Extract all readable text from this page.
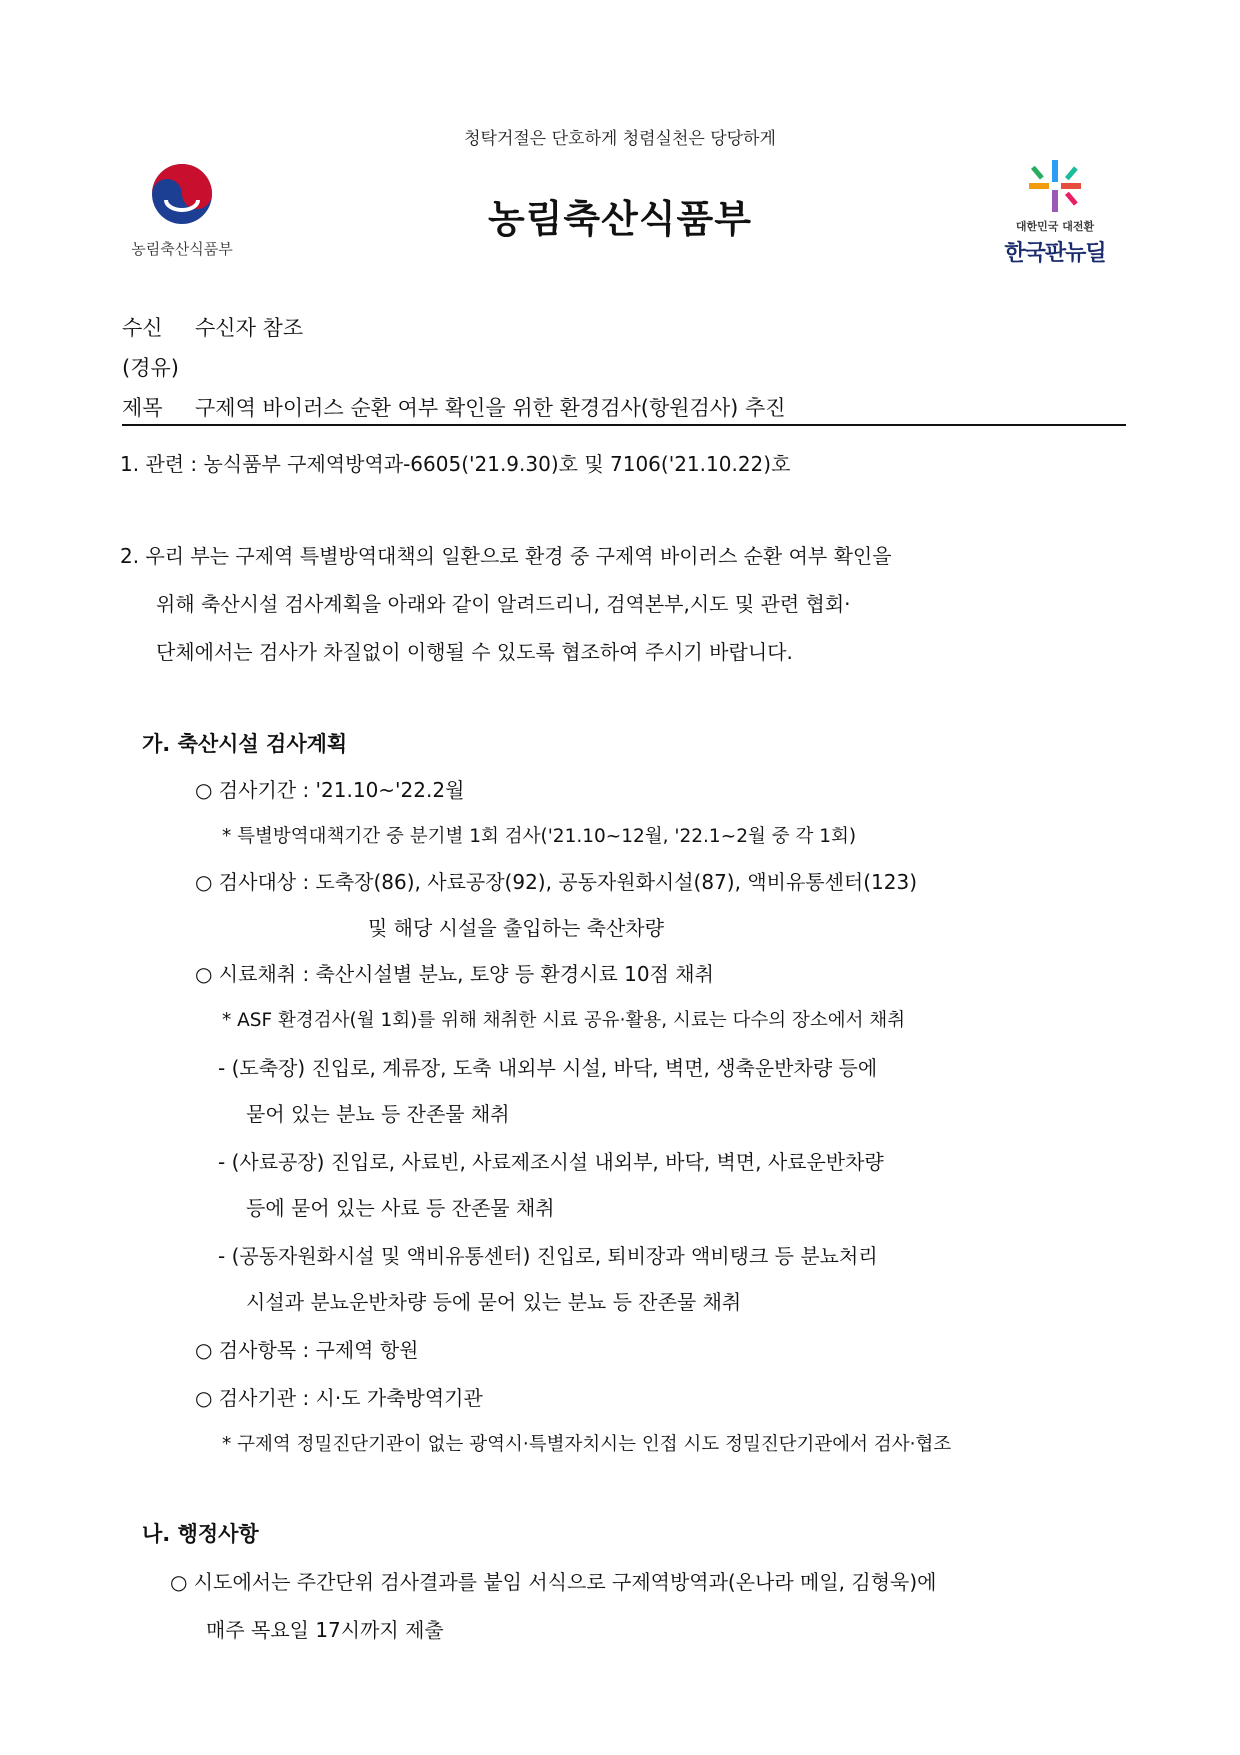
청탁거절은 단호하게 청렴실천은 당당하게
농림축산식품부
농림축산식품부
대한민국 대전환
한국판뉴딜
수신 수신자 참조
(경유)
제목 구제역 바이러스 순환 여부 확인을 위한 환경검사(항원검사) 추진
1. 관련 : 농식품부 구제역방역과-6605('21.9.30)호 및 7106('21.10.22)호
2. 우리 부는 구제역 특별방역대책의 일환으로 환경 중 구제역 바이러스 순환 여부 확인을
위해 축산시설 검사계획을 아래와 같이 알려드리니, 검역본부,시도 및 관련 협회·
단체에서는 검사가 차질없이 이행될 수 있도록 협조하여 주시기 바랍니다.
가. 축산시설 검사계획
○ 검사기간 : '21.10~'22.2월
* 특별방역대책기간 중 분기별 1회 검사('21.10~12월, '22.1~2월 중 각 1회)
○ 검사대상 : 도축장(86), 사료공장(92), 공동자원화시설(87), 액비유통센터(123)
및 해당 시설을 출입하는 축산차량
○ 시료채취 : 축산시설별 분뇨, 토양 등 환경시료 10점 채취
* ASF 환경검사(월 1회)를 위해 채취한 시료 공유·활용, 시료는 다수의 장소에서 채취
- (도축장) 진입로, 계류장, 도축 내외부 시설, 바닥, 벽면, 생축운반차량 등에
묻어 있는 분뇨 등 잔존물 채취
- (사료공장) 진입로, 사료빈, 사료제조시설 내외부, 바닥, 벽면, 사료운반차량
등에 묻어 있는 사료 등 잔존물 채취
- (공동자원화시설 및 액비유통센터) 진입로, 퇴비장과 액비탱크 등 분뇨처리
시설과 분뇨운반차량 등에 묻어 있는 분뇨 등 잔존물 채취
○ 검사항목 : 구제역 항원
○ 검사기관 : 시·도 가축방역기관
* 구제역 정밀진단기관이 없는 광역시·특별자치시는 인접 시도 정밀진단기관에서 검사·협조
나. 행정사항
○ 시도에서는 주간단위 검사결과를 붙임 서식으로 구제역방역과(온나라 메일, 김형욱)에
매주 목요일 17시까지 제출
